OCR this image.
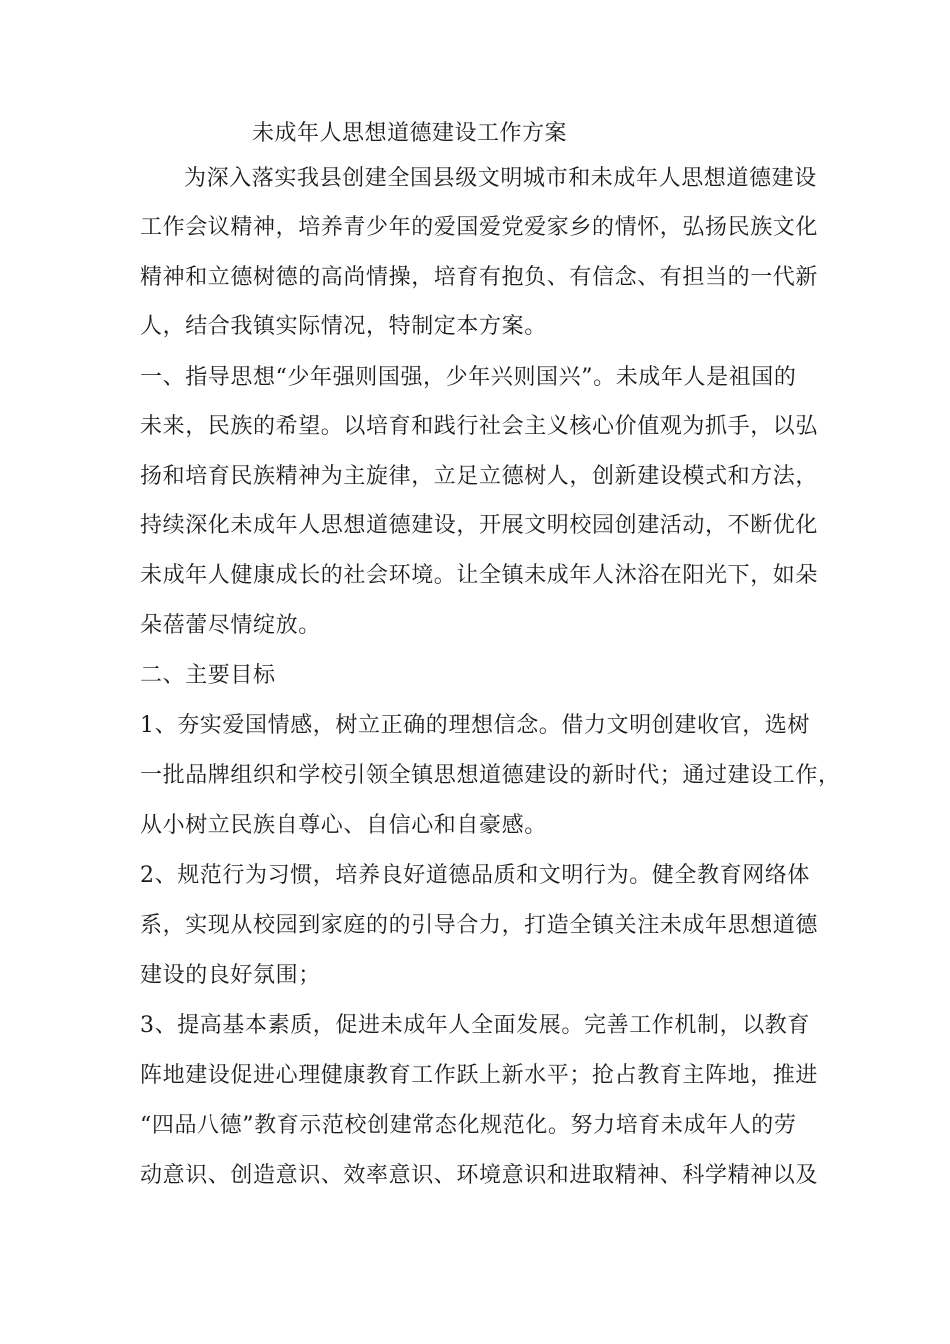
未成年人思想道德建设工作方案
为深入落实我县创建全国县级文明城市和未成年人思想道德建设
工作会议精神，培养青少年的爱国爱党爱家乡的情怀，弘扬民族文化
精神和立德树德的高尚情操，培育有抱负、有信念、有担当的一代新
人，结合我镇实际情况，特制定本方案。
一、指导思想“少年强则国强，少年兴则国兴”。未成年人是祖国的
未来，民族的希望。以培育和践行社会主义核心价值观为抓手，以弘
扬和培育民族精神为主旋律，立足立德树人，创新建设模式和方法，
持续深化未成年人思想道德建设，开展文明校园创建活动，不断优化
未成年人健康成长的社会环境。让全镇未成年人沐浴在阳光下，如朵
朵蓓蕾尽情绽放。
二、主要目标
1、夯实爱国情感，树立正确的理想信念。借力文明创建收官，选树
一批品牌组织和学校引领全镇思想道德建设的新时代；通过建设工作，
从小树立民族自尊心、自信心和自豪感。
2、规范行为习惯，培养良好道德品质和文明行为。健全教育网络体
系，实现从校园到家庭的的引导合力，打造全镇关注未成年思想道德
建设的良好氛围；
3、提高基本素质，促进未成年人全面发展。完善工作机制，以教育
阵地建设促进心理健康教育工作跃上新水平；抢占教育主阵地，推进
“四品八德”教育示范校创建常态化规范化。努力培育未成年人的劳
动意识、创造意识、效率意识、环境意识和进取精神、科学精神以及
